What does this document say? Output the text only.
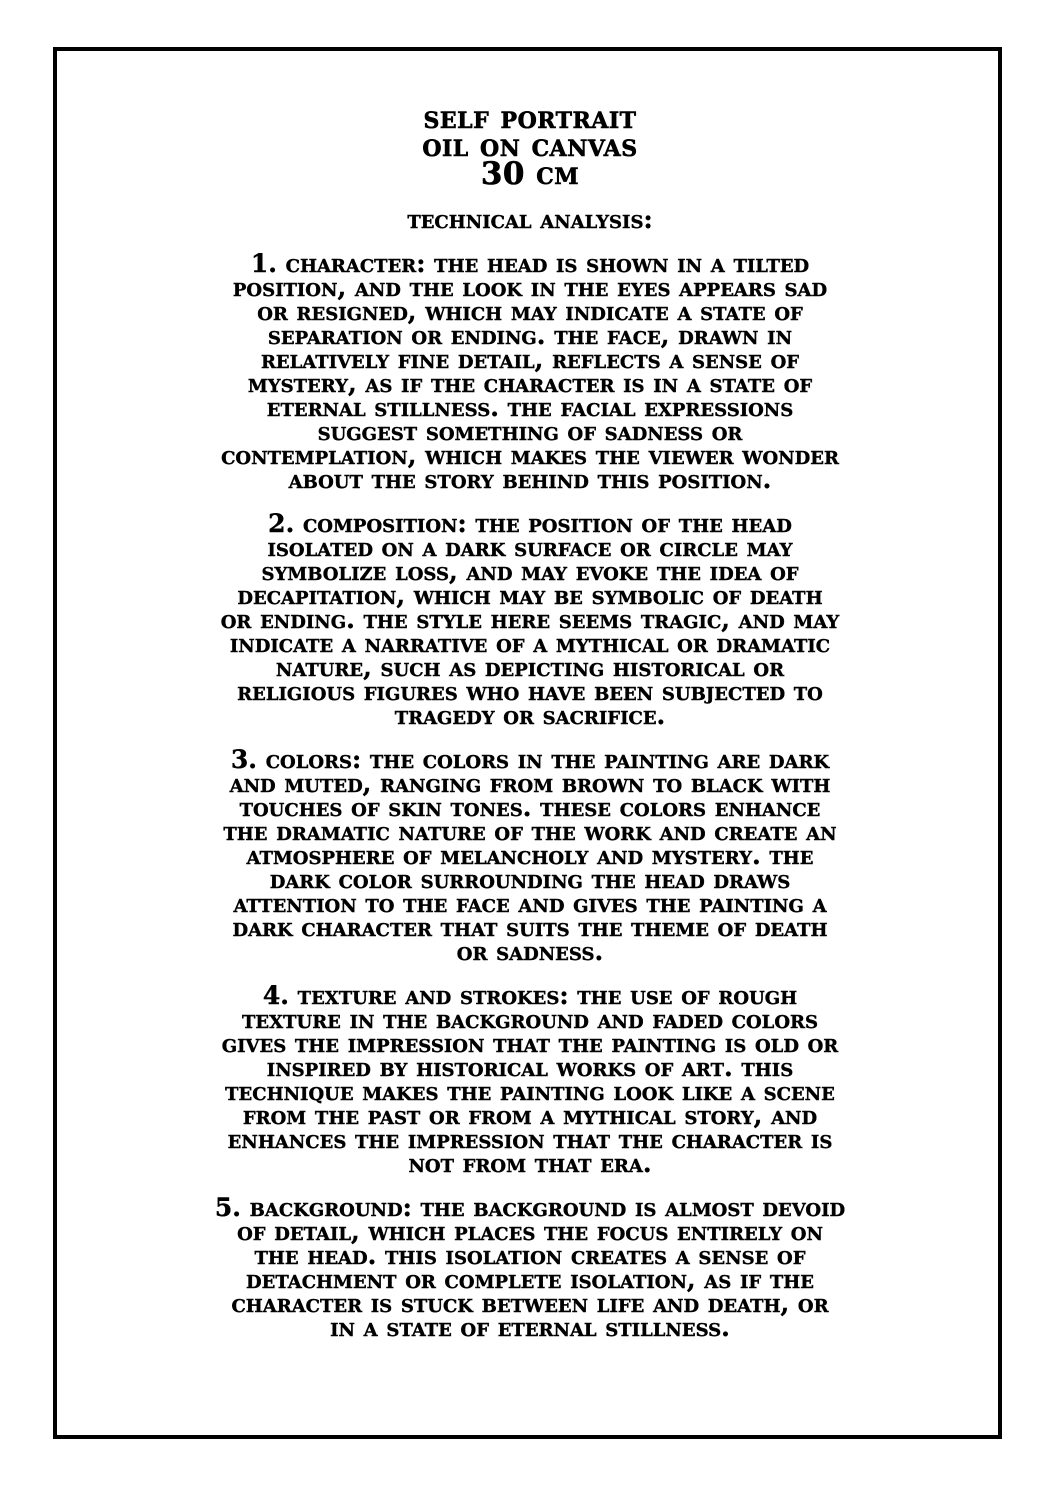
self portrait
oil on canvas
30 cm
technical analysis:

1. character: the head is shown in a tilted

position, and the look in the eyes appears sad

or resigned, which may indicate a state of

separation or ending. the face, drawn in

relatively fine detail, reflects a sense of

mystery, as if the character is in a state of

eternal stillness. the facial expressions

suggest something of sadness or

contemplation, which makes the viewer wonder

about the story behind this position.

2. composition: the position of the head

isolated on a dark surface or circle may

symbolize loss, and may evoke the idea of

decapitation, which may be symbolic of death

or ending. the style here seems tragic, and may

indicate a narrative of a mythical or dramatic

nature, such as depicting historical or

religious figures who have been subjected to

tragedy or sacrifice.

3. colors: the colors in the painting are dark

and muted, ranging from brown to black with

touches of skin tones. these colors enhance

the dramatic nature of the work and create an

atmosphere of melancholy and mystery. the

dark color surrounding the head draws

attention to the face and gives the painting a

dark character that suits the theme of death

or sadness.

4. texture and strokes: the use of rough

texture in the background and faded colors

gives the impression that the painting is old or

inspired by historical works of art. this

technique makes the painting look like a scene

from the past or from a mythical story, and

enhances the impression that the character is

not from that era.

5. background: the background is almost devoid

of detail, which places the focus entirely on

the head. this isolation creates a sense of

detachment or complete isolation, as if the

character is stuck between life and death, or

in a state of eternal stillness.
